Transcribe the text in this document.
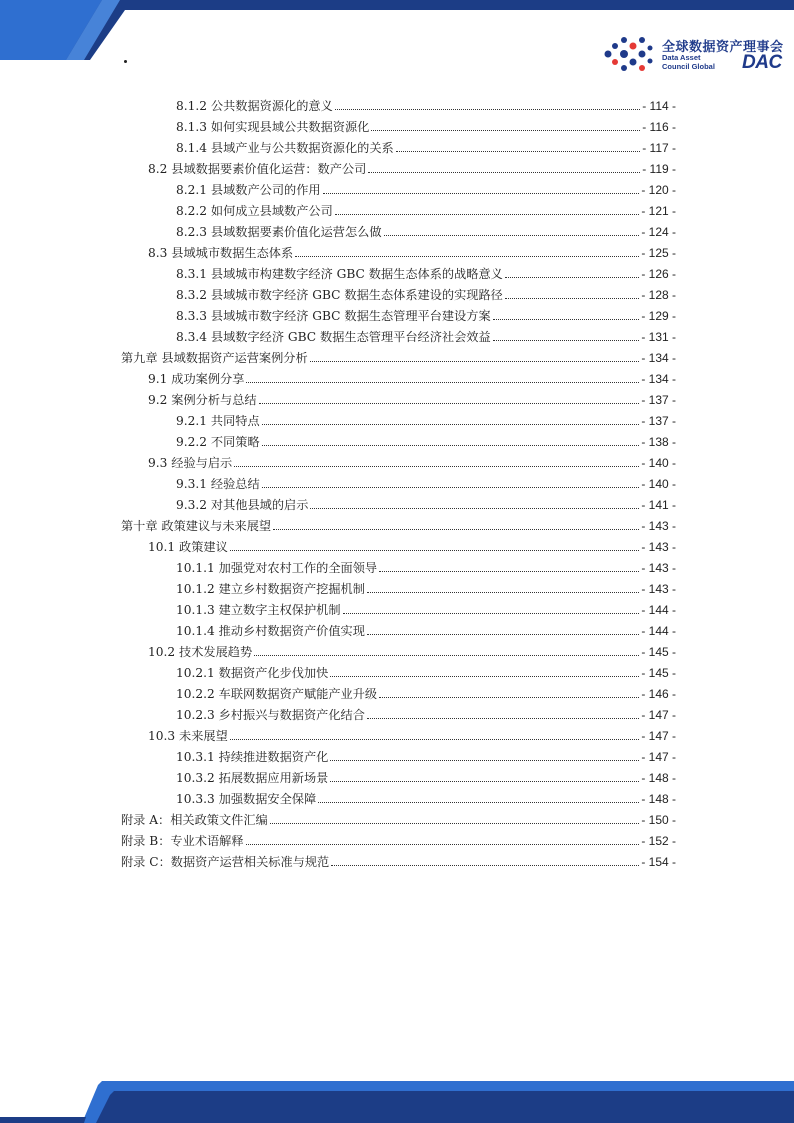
全球数据资产理事会
Data Asset
Council Global DAC
8.1.2 公共数据资源化的意义	- 114 -
8.1.3 如何实现县域公共数据资源化	- 116 -
8.1.4 县域产业与公共数据资源化的关系	- 117 -
8.2 县域数据要素价值化运营：数产公司	- 119 -
8.2.1 县域数产公司的作用	- 120 -
8.2.2 如何成立县域数产公司	- 121 -
8.2.3 县域数据要素价值化运营怎么做	- 124 -
8.3 县域城市数据生态体系	- 125 -
8.3.1 县域城市构建数字经济 GBC 数据生态体系的战略意义	- 126 -
8.3.2 县域城市数字经济 GBC 数据生态体系建设的实现路径	- 128 -
8.3.3 县域城市数字经济 GBC 数据生态管理平台建设方案	- 129 -
8.3.4 县域数字经济 GBC 数据生态管理平台经济社会效益	- 131 -
第九章 县域数据资产运营案例分析	- 134 -
9.1 成功案例分享	- 134 -
9.2 案例分析与总结	- 137 -
9.2.1 共同特点	- 137 -
9.2.2 不同策略	- 138 -
9.3 经验与启示	- 140 -
9.3.1 经验总结	- 140 -
9.3.2 对其他县域的启示	- 141 -
第十章 政策建议与未来展望	- 143 -
10.1 政策建议	- 143 -
10.1.1 加强党对农村工作的全面领导	- 143 -
10.1.2 建立乡村数据资产挖掘机制	- 143 -
10.1.3 建立数字主权保护机制	- 144 -
10.1.4 推动乡村数据资产价值实现	- 144 -
10.2 技术发展趋势	- 145 -
10.2.1 数据资产化步伐加快	- 145 -
10.2.2 车联网数据资产赋能产业升级	- 146 -
10.2.3 乡村振兴与数据资产化结合	- 147 -
10.3 未来展望	- 147 -
10.3.1 持续推进数据资产化	- 147 -
10.3.2 拓展数据应用新场景	- 148 -
10.3.3 加强数据安全保障	- 148 -
附录 A：相关政策文件汇编	- 150 -
附录 B：专业术语解释	- 152 -
附录 C：数据资产运营相关标准与规范	- 154 -
